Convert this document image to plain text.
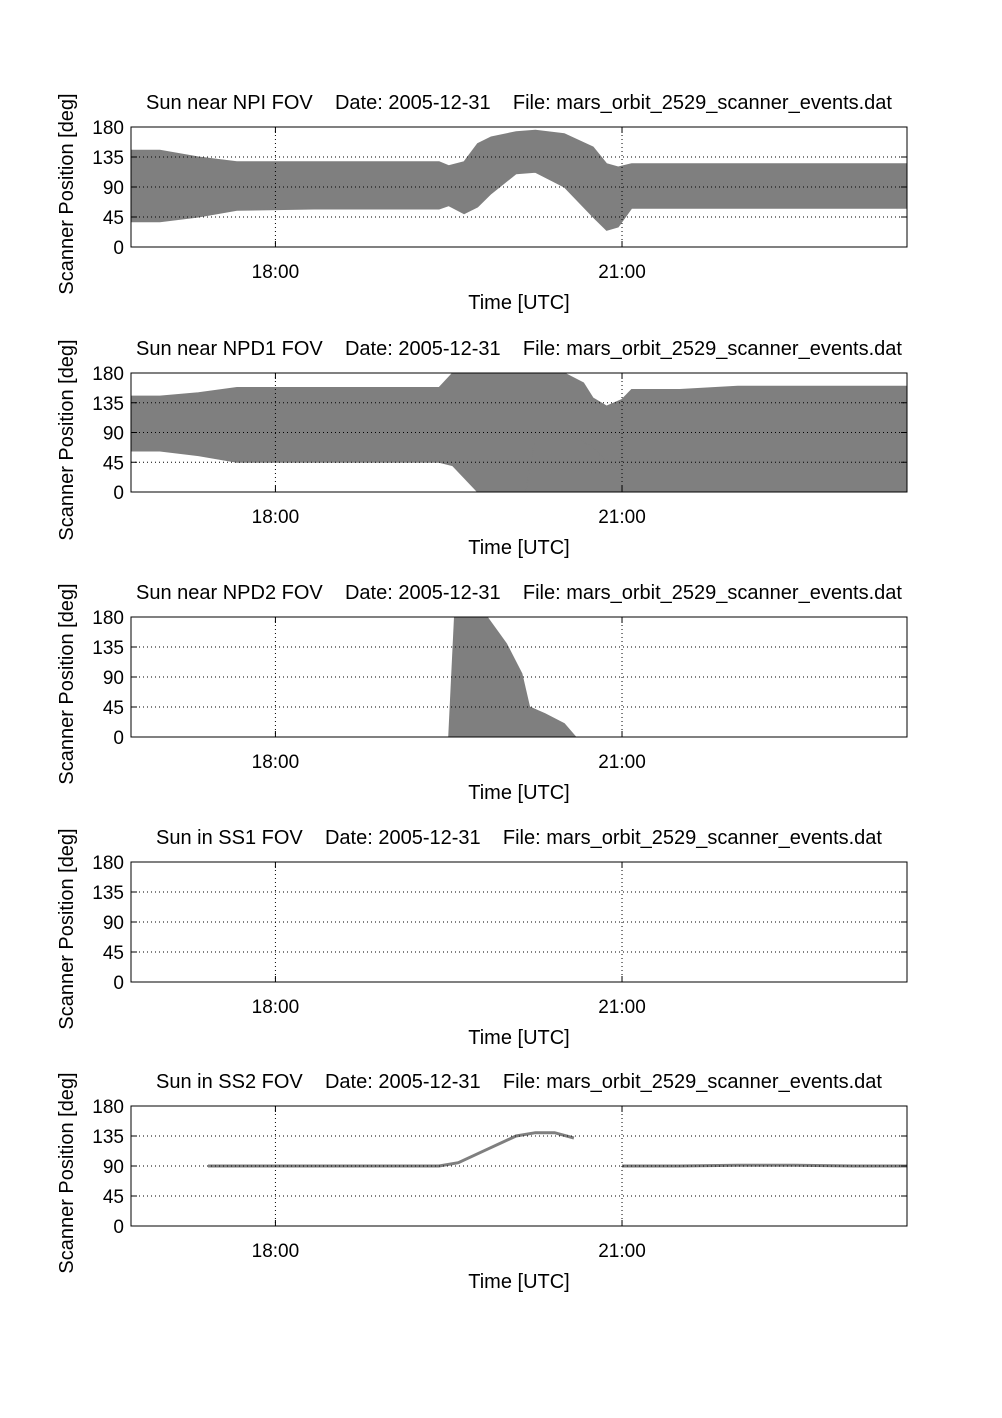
0
45
90
135
180
18:00	21:00
Sun near NPI FOV    Date: 2005-12-31    File: mars_orbit_2529_scanner_events.dat
Time [UTC]
Scanner Position [deg]
0
45
90
135
180
18:00	21:00
Sun near NPD1 FOV    Date: 2005-12-31    File: mars_orbit_2529_scanner_events.dat
Time [UTC]
Scanner Position [deg]
0
45
90
135
180
18:00	21:00
Sun near NPD2 FOV    Date: 2005-12-31    File: mars_orbit_2529_scanner_events.dat
Time [UTC]
Scanner Position [deg]
0
45
90
135
180
18:00	21:00
Sun in SS1 FOV    Date: 2005-12-31    File: mars_orbit_2529_scanner_events.dat
Time [UTC]
Scanner Position [deg]
0
45
90
135
180
18:00	21:00
Sun in SS2 FOV    Date: 2005-12-31    File: mars_orbit_2529_scanner_events.dat
Time [UTC]
Scanner Position [deg]
